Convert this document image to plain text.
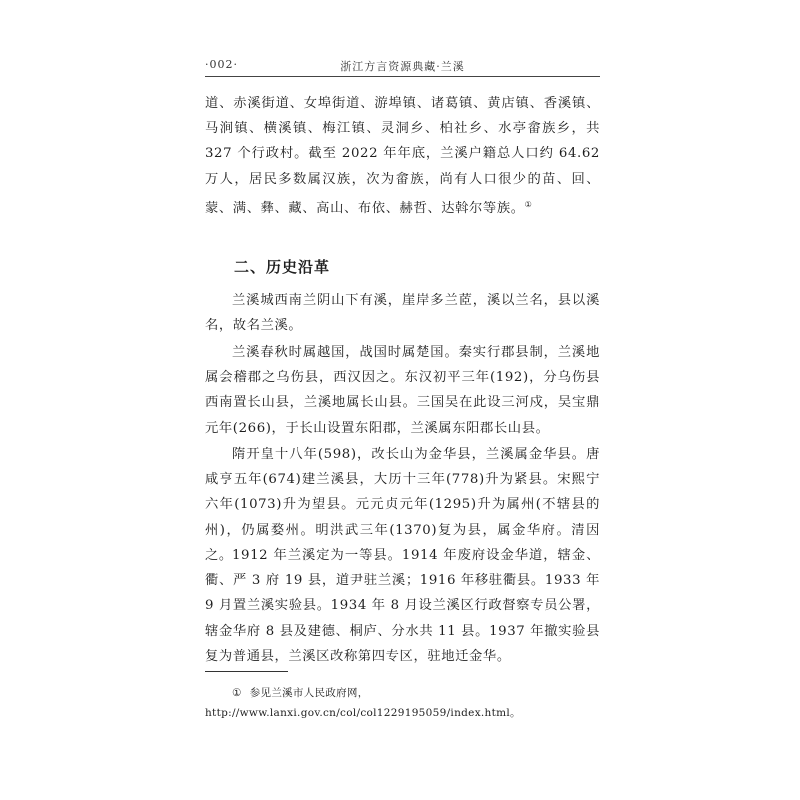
·002·	浙江方言资源典藏·兰溪

道、赤溪街道、女埠街道、游埠镇、诸葛镇、黄店镇、香溪镇、马涧镇、横溪镇、梅江镇、灵洞乡、柏社乡、水亭畲族乡，共 327 个行政村。截至 2022 年年底，兰溪户籍总人口约 64.62 万人，居民多数属汉族，次为畲族，尚有人口很少的苗、回、蒙、满、彝、藏、高山、布依、赫哲、达斡尔等族。①

二、历史沿革

兰溪城西南兰阴山下有溪，崖岸多兰茝，溪以兰名，县以溪名，故名兰溪。

兰溪春秋时属越国，战国时属楚国。秦实行郡县制，兰溪地属会稽郡之乌伤县，西汉因之。东汉初平三年(192)，分乌伤县西南置长山县，兰溪地属长山县。三国吴在此设三河戍，吴宝鼎元年(266)，于长山设置东阳郡，兰溪属东阳郡长山县。

隋开皇十八年(598)，改长山为金华县，兰溪属金华县。唐咸亨五年(674)建兰溪县，大历十三年(778)升为紧县。宋熙宁六年(1073)升为望县。元元贞元年(1295)升为属州(不辖县的州)，仍属婺州。明洪武三年(1370)复为县，属金华府。清因之。 1912 年兰溪定为一等县。1914 年废府设金华道，辖金、衢、严 3 府 19 县，道尹驻兰溪；1916 年移驻衢县。1933 年 9 月置兰溪实验县。1934 年 8 月设兰溪区行政督察专员公署，辖金华府 8 县及建德、桐庐、分水共 11 县。1937 年撤实验县复为普通县，兰溪区改称第四专区，驻地迁金华。

① 参见兰溪市人民政府网，http://www.lanxi.gov.cn/col/col1229195059/index.html。
